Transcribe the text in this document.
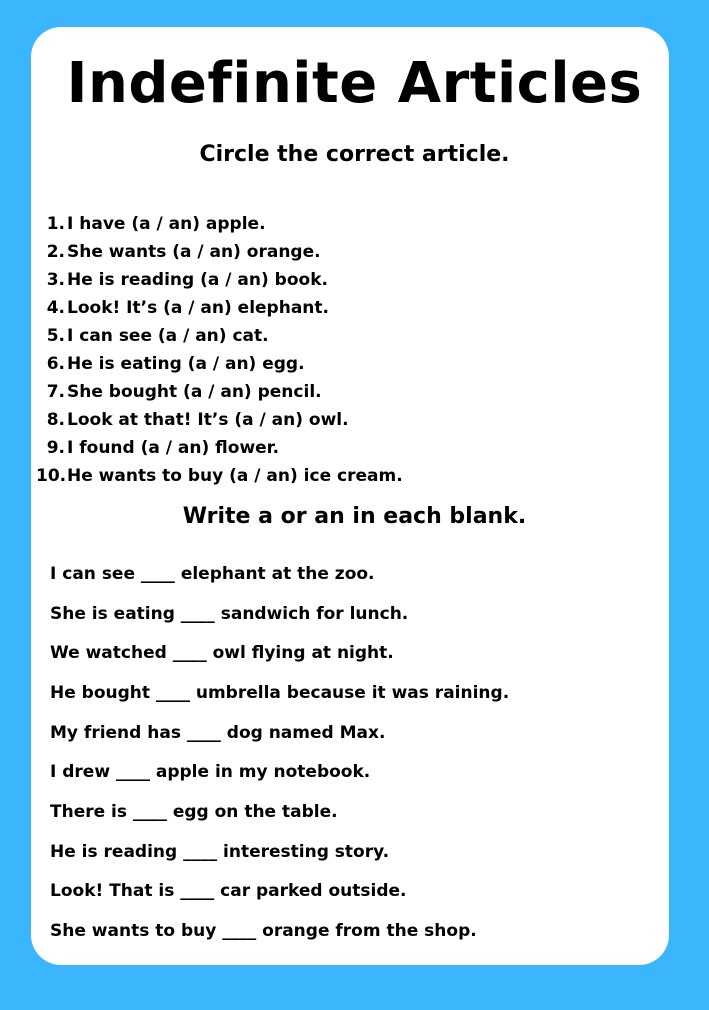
Indefinite Articles
Circle the correct article.
1. I have (a / an) apple.
2. She wants (a / an) orange.
3. He is reading (a / an) book.
4. Look! It’s (a / an) elephant.
5. I can see (a / an) cat.
6. He is eating (a / an) egg.
7. She bought (a / an) pencil.
8. Look at that! It’s (a / an) owl.
9. I found (a / an) flower.
10. He wants to buy (a / an) ice cream.
Write a or an in each blank.
I can see ____ elephant at the zoo.
She is eating ____ sandwich for lunch.
We watched ____ owl flying at night.
He bought ____ umbrella because it was raining.
My friend has ____ dog named Max.
I drew ____ apple in my notebook.
There is ____ egg on the table.
He is reading ____ interesting story.
Look! That is ____ car parked outside.
She wants to buy ____ orange from the shop.
